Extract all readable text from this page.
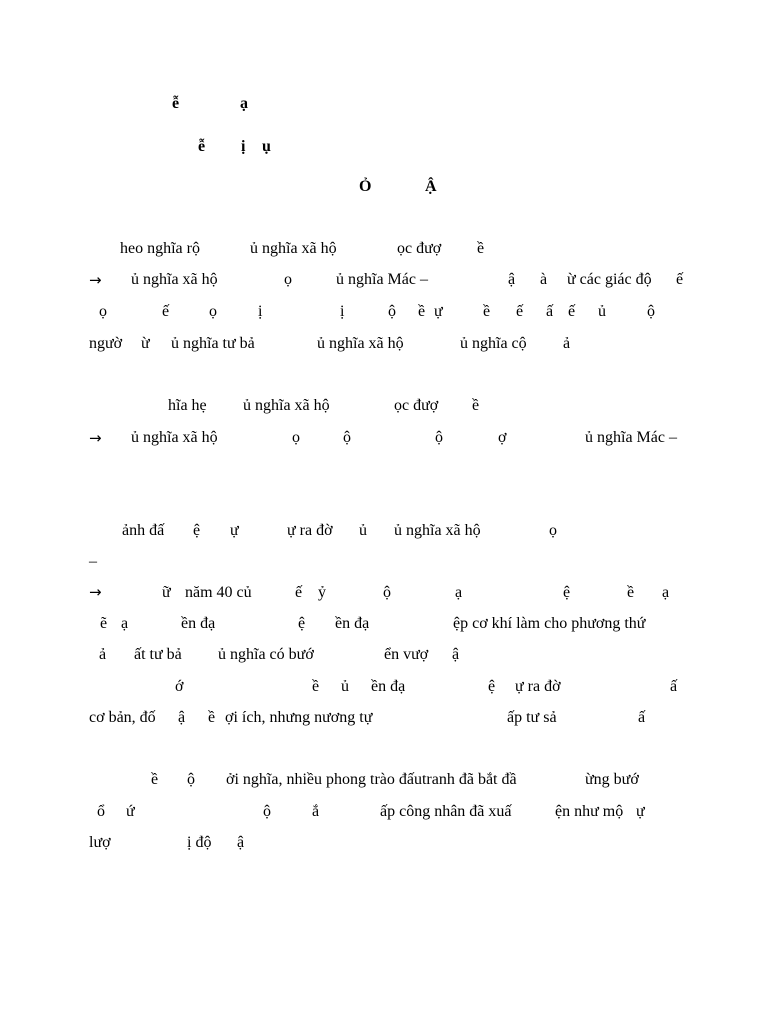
ễ	ạ
ễ ị ụ
Ỏ	Ậ
heo nghĩa rộ	ủ nghĩa xã hộ	ọc đượ ề
→ ủ nghĩa xã hộ	ọ	ủ nghĩa Mác –	ậ à ừ các giác độ ế
ọ	ế ọ	ị	ị	ộ ề ự	ề ế ấ ế ủ	ộ
ngườ ừ ủ nghĩa tư bả	ủ nghĩa xã hộ	ủ nghĩa cộ ả
hĩa hẹ ủ nghĩa xã hộ	ọc đượ ề
→ ủ nghĩa xã hộ	ọ	ộ	ộ	ợ	ủ nghĩa Mác –
ảnh đấ ệ ự	ự ra đờ ủ ủ nghĩa xã hộ	ọ
–
→	ữ năm 40 củ	ế ỷ	ộ	ạ	ệ	ề ạ
ẽ ạ	ền đạ	ệ ền đạ	ệp cơ khí làm cho phương thứ
ả ất tư bả ủ nghĩa có bướ	ển vượ ậ
ớ	ề ủ ền đạ	ệ ự ra đờ	ấ
cơ bản, đố ậ ề ợi ích, nhưng nương tự	ấp tư sả	ấ
ề ộ ởi nghĩa, nhiều phong trào đấutranh đã bắt đầ	ừng bướ
ổ ứ	ộ	ắ	ấp công nhân đã xuấ	ện như mộ ự
lượ	ị độ ậ
